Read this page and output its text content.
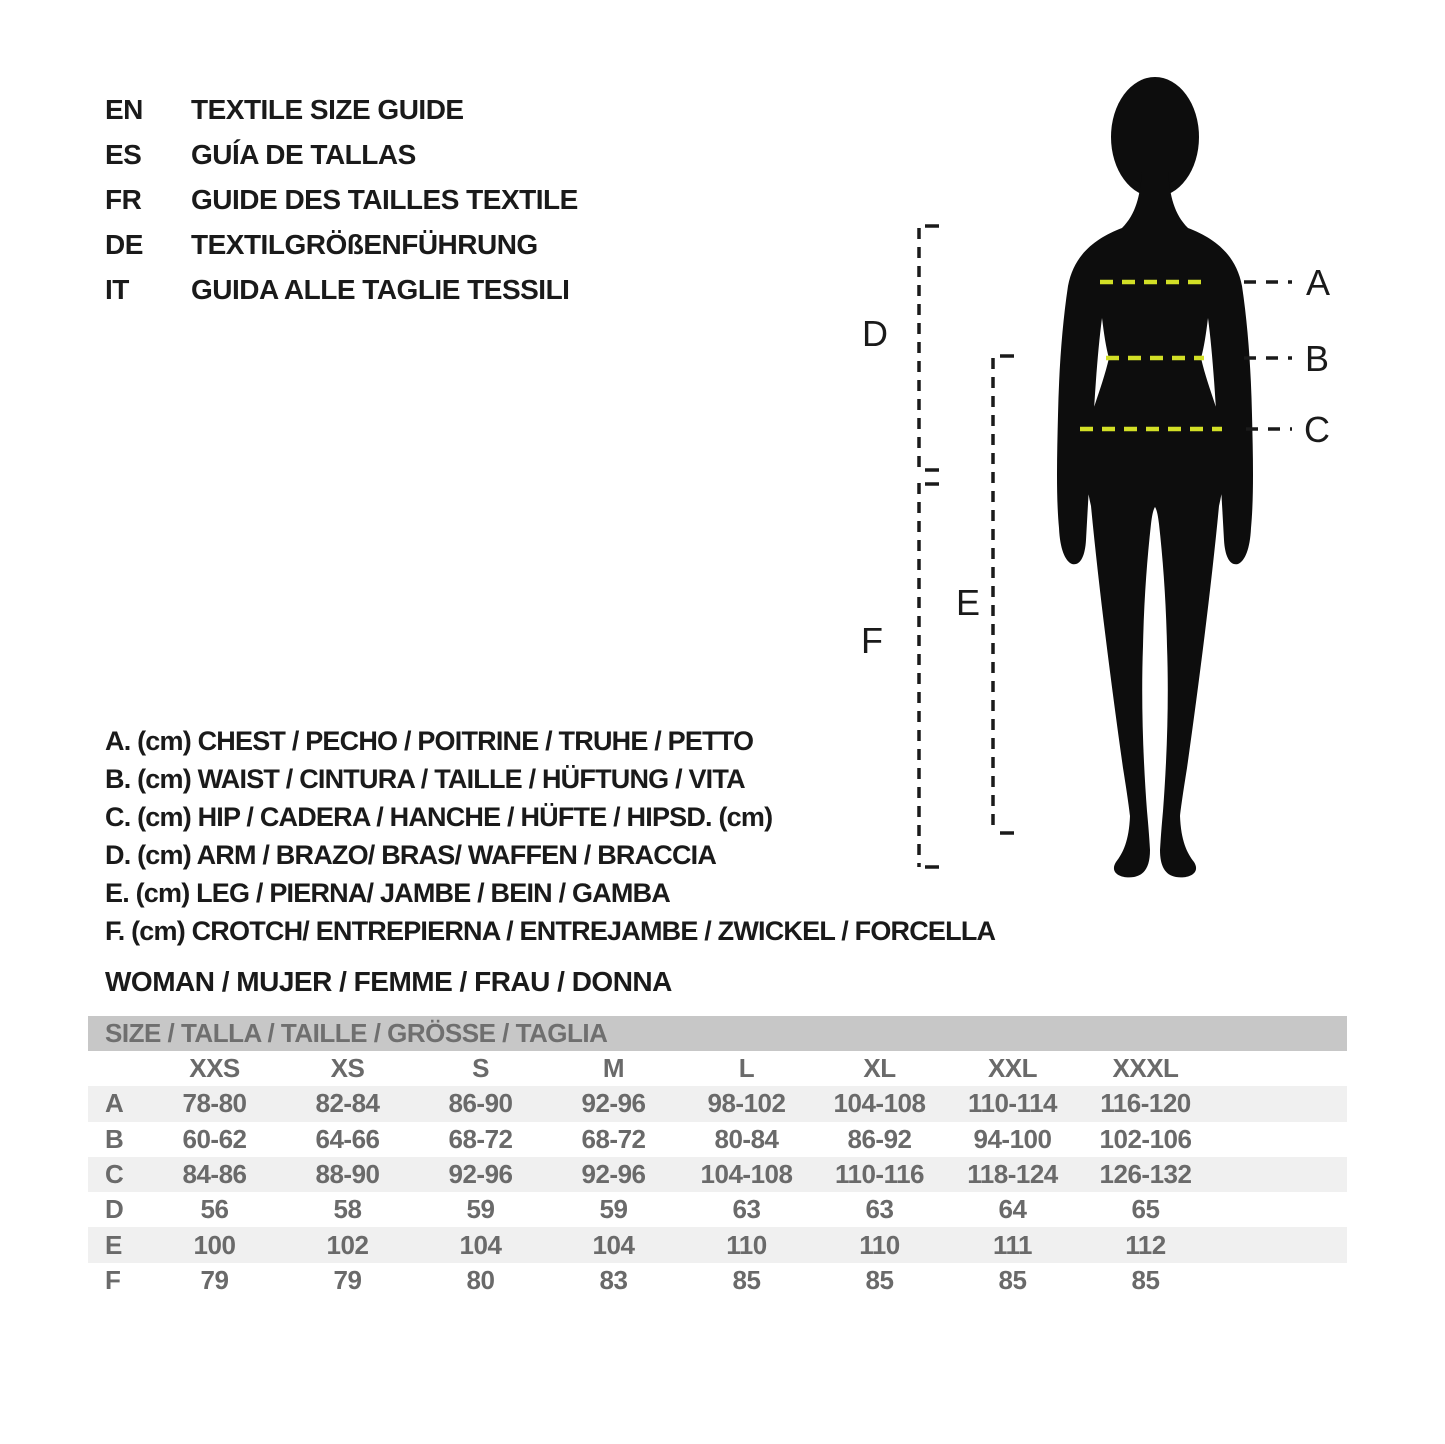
EN	TEXTILE SIZE GUIDE
ES	GUÍA DE TALLAS
FR	GUIDE DES TAILLES TEXTILE
DE	TEXTILGRÖßENFÜHRUNG
IT	GUIDA ALLE TAGLIE TESSILI	A
B
C
D
E
F
A. (cm) CHEST / PECHO / POITRINE / TRUHE / PETTO
B. (cm) WAIST / CINTURA / TAILLE / HÜFTUNG / VITA
C. (cm) HIP / CADERA / HANCHE / HÜFTE / HIPSD. (cm)
D. (cm) ARM / BRAZO/ BRAS/ WAFFEN / BRACCIA
E. (cm) LEG / PIERNA/ JAMBE / BEIN / GAMBA
F. (cm) CROTCH/ ENTREPIERNA / ENTREJAMBE / ZWICKEL / FORCELLA
WOMAN / MUJER / FEMME / FRAU / DONNA
SIZE / TALLA / TAILLE / GRÖSSE / TAGLIA
XXS	XS	S	M	L	XL	XXL	XXXL
A	78-80	82-84	86-90	92-96	98-102	104-108	110-114	116-120
B	60-62	64-66	68-72	68-72	80-84	86-92	94-100	102-106
C	84-86	88-90	92-96	92-96	104-108	110-116	118-124	126-132
D	56	58	59	59	63	63	64	65
E	100	102	104	104	110	110	111	112
F	79	79	80	83	85	85	85	85
